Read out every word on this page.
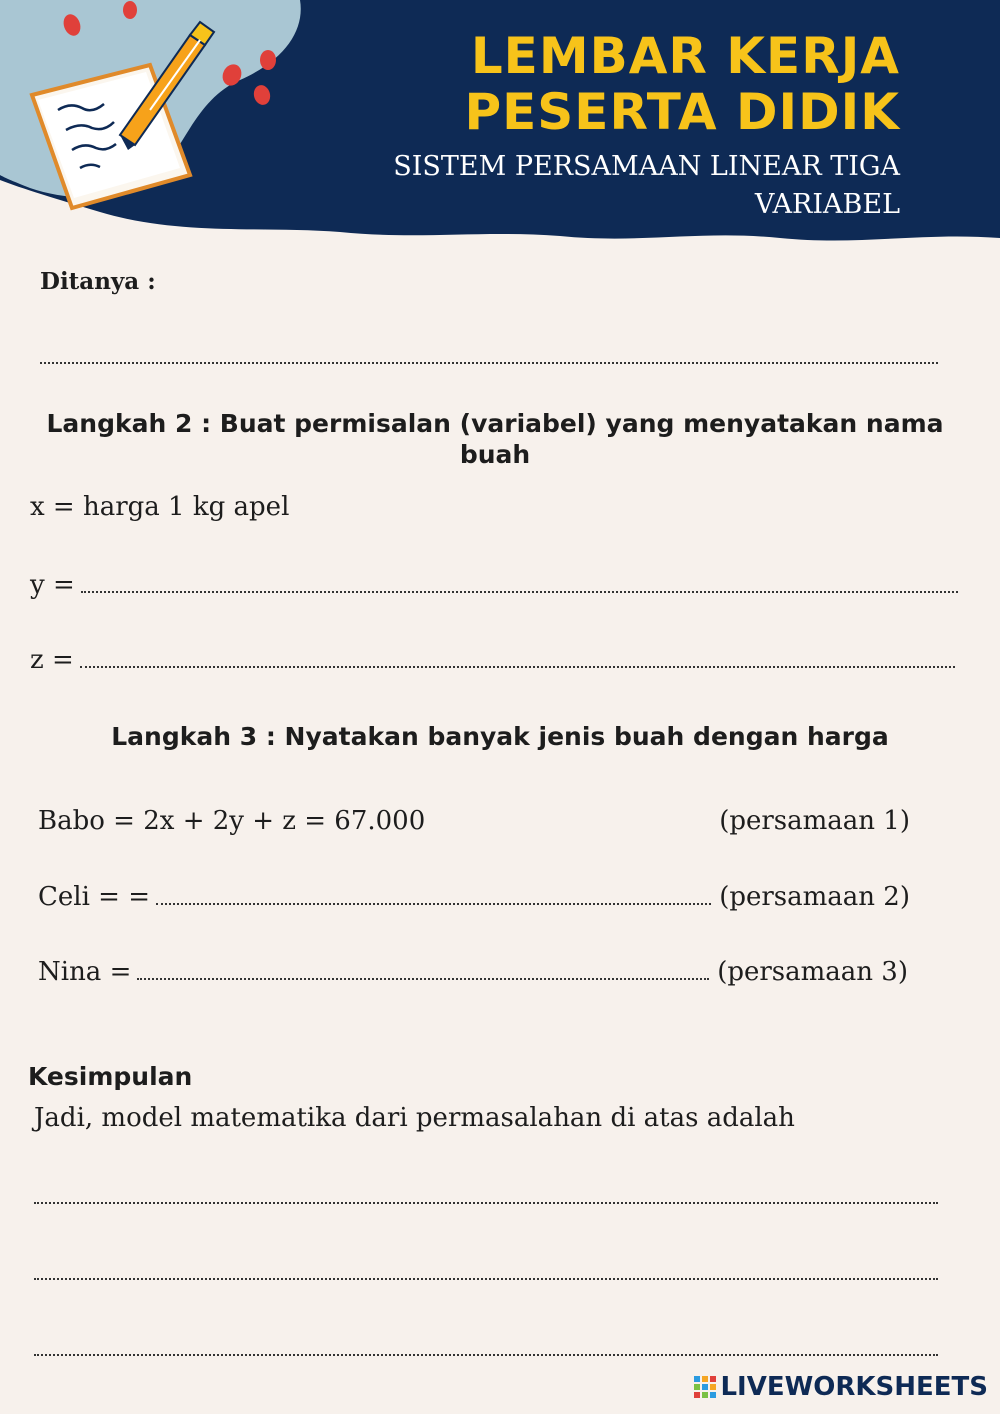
LEMBAR KERJA
PESERTA DIDIK
SISTEM PERSAMAAN LINEAR TIGA VARIABEL
Ditanya :
Langkah 2 : Buat permisalan (variabel) yang menyatakan nama buah
x = harga 1 kg apel
y =
z =
Langkah 3 : Nyatakan banyak jenis buah dengan harga
Babo = 2x + 2y + z = 67.000	(persamaan 1)
Celi = =	(persamaan 2)
Nina =	(persamaan 3)
Kesimpulan
Jadi, model matematika dari permasalahan di atas adalah
LIVEWORKSHEETS
